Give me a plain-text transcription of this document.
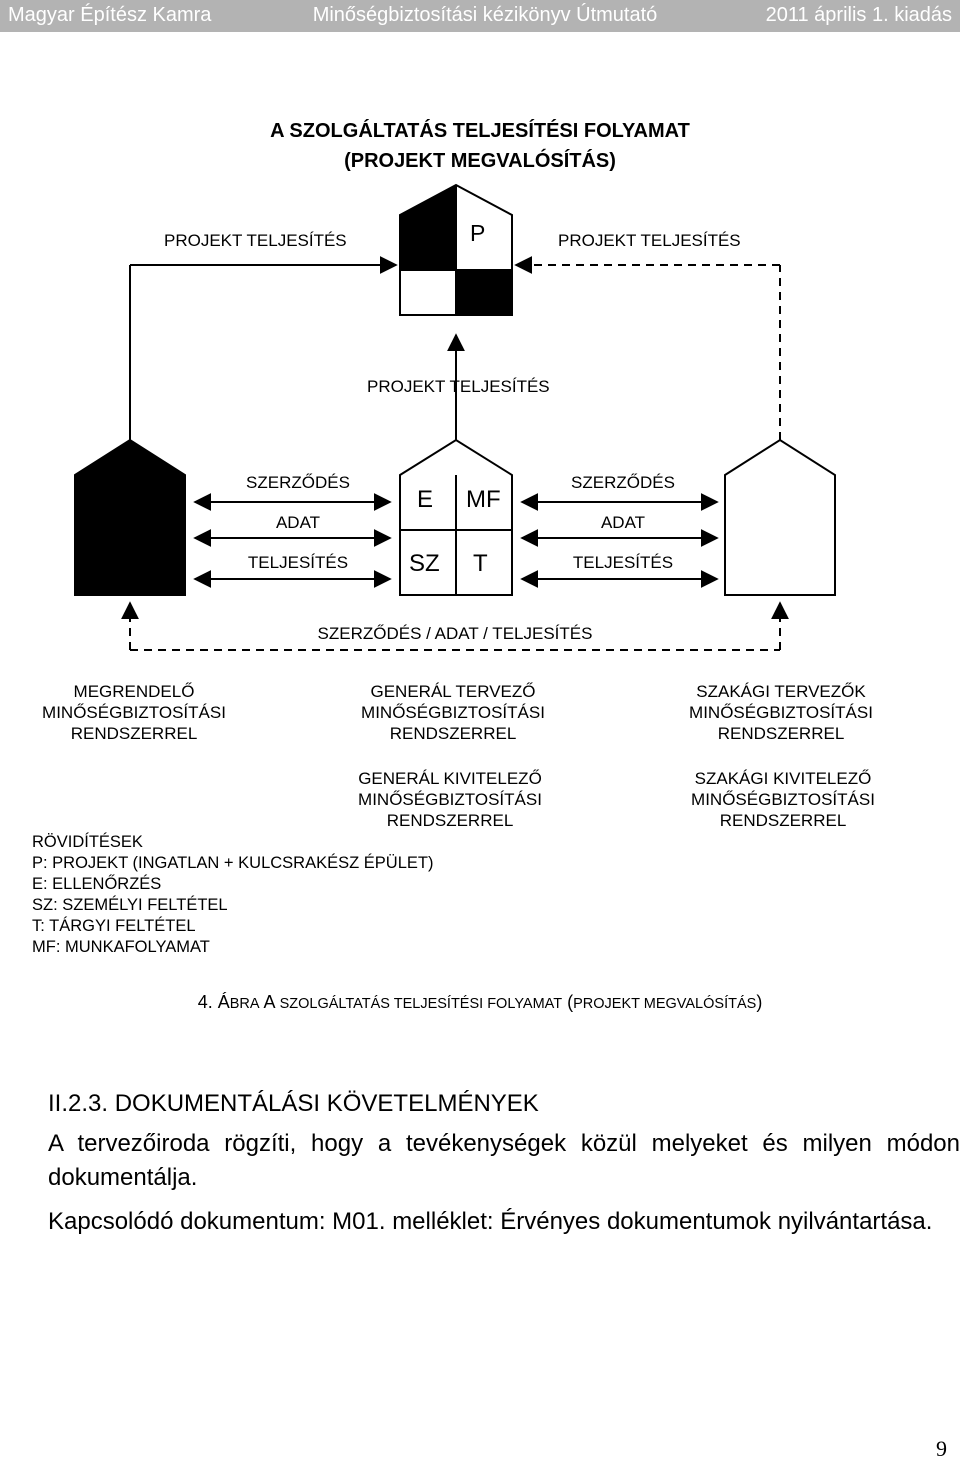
Magyar Építész Kamra	Minőségbiztosítási kézikönyv Útmutató	2011 április 1. kiadás
A SZOLGÁLTATÁS TELJESÍTÉSI FOLYAMAT
(PROJEKT MEGVALÓSÍTÁS)
PROJEKT TELJESÍTÉS	PROJEKT TELJESÍTÉS
P
PROJEKT TELJESÍTÉS
E MF
SZ T
SZERZŐDÉS
ADAT
TELJESÍTÉS
SZERZŐDÉS
ADAT
TELJESÍTÉS
SZERZŐDÉS / ADAT / TELJESÍTÉS
MEGRENDELŐ
MINŐSÉGBIZTOSÍTÁSI
RENDSZERREL
GENERÁL TERVEZŐ
MINŐSÉGBIZTOSÍTÁSI
RENDSZERREL
SZAKÁGI TERVEZŐK
MINŐSÉGBIZTOSÍTÁSI
RENDSZERREL
GENERÁL KIVITELEZŐ
MINŐSÉGBIZTOSÍTÁSI
RENDSZERREL
SZAKÁGI KIVITELEZŐ
MINŐSÉGBIZTOSÍTÁSI
RENDSZERREL
RÖVIDÍTÉSEK
P: PROJEKT (INGATLAN + KULCSRAKÉSZ ÉPÜLET)
E: ELLENŐRZÉS
SZ: SZEMÉLYI FELTÉTEL
T: TÁRGYI FELTÉTEL
MF: MUNKAFOLYAMAT
4. ÁBRA A SZOLGÁLTATÁS TELJESÍTÉSI FOLYAMAT (PROJEKT MEGVALÓSÍTÁS)
II.2.3. DOKUMENTÁLÁSI KÖVETELMÉNYEK
A tervezőiroda rögzíti, hogy a tevékenységek közül melyeket és milyen módon
dokumentálja.
Kapcsolódó dokumentum: M01. melléklet: Érvényes dokumentumok nyilvántartása.
9
